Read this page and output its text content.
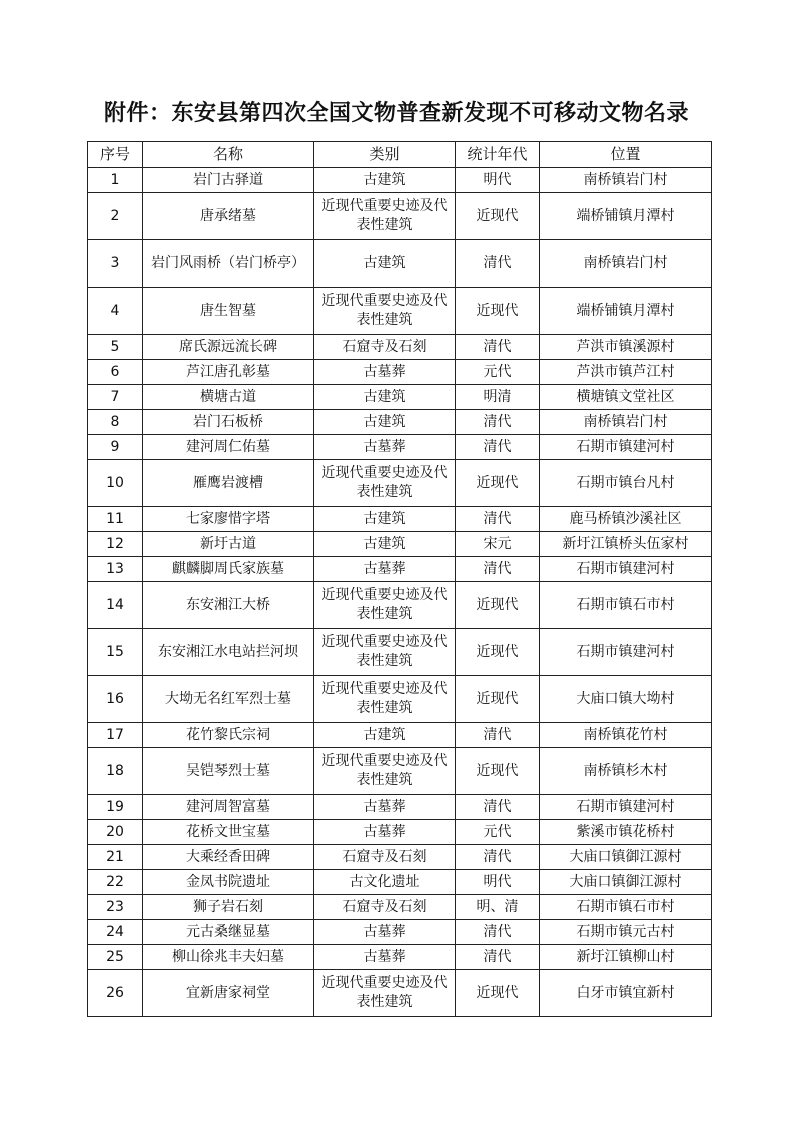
附件：东安县第四次全国文物普查新发现不可移动文物名录
序号	名称	类别	统计年代	位置
1	岩门古驿道	古建筑	明代	南桥镇岩门村
2	唐承绪墓	近现代重要史迹及代表性建筑	近现代	端桥铺镇月潭村
3	岩门风雨桥（岩门桥亭）	古建筑	清代	南桥镇岩门村
4	唐生智墓	近现代重要史迹及代表性建筑	近现代	端桥铺镇月潭村
5	席氏源远流长碑	石窟寺及石刻	清代	芦洪市镇溪源村
6	芦江唐孔彰墓	古墓葬	元代	芦洪市镇芦江村
7	横塘古道	古建筑	明清	横塘镇文堂社区
8	岩门石板桥	古建筑	清代	南桥镇岩门村
9	建河周仁佑墓	古墓葬	清代	石期市镇建河村
10	雁鹰岩渡槽	近现代重要史迹及代表性建筑	近现代	石期市镇台凡村
11	七家廖惜字塔	古建筑	清代	鹿马桥镇沙溪社区
12	新圩古道	古建筑	宋元	新圩江镇桥头伍家村
13	麒麟脚周氏家族墓	古墓葬	清代	石期市镇建河村
14	东安湘江大桥	近现代重要史迹及代表性建筑	近现代	石期市镇石市村
15	东安湘江水电站拦河坝	近现代重要史迹及代表性建筑	近现代	石期市镇建河村
16	大坳无名红军烈士墓	近现代重要史迹及代表性建筑	近现代	大庙口镇大坳村
17	花竹黎氏宗祠	古建筑	清代	南桥镇花竹村
18	吴铠琴烈士墓	近现代重要史迹及代表性建筑	近现代	南桥镇杉木村
19	建河周智富墓	古墓葬	清代	石期市镇建河村
20	花桥文世宝墓	古墓葬	元代	紫溪市镇花桥村
21	大乘经香田碑	石窟寺及石刻	清代	大庙口镇御江源村
22	金凤书院遗址	古文化遗址	明代	大庙口镇御江源村
23	狮子岩石刻	石窟寺及石刻	明、清	石期市镇石市村
24	元古桑继显墓	古墓葬	清代	石期市镇元古村
25	柳山徐兆丰夫妇墓	古墓葬	清代	新圩江镇柳山村
26	宜新唐家祠堂	近现代重要史迹及代表性建筑	近现代	白牙市镇宜新村
